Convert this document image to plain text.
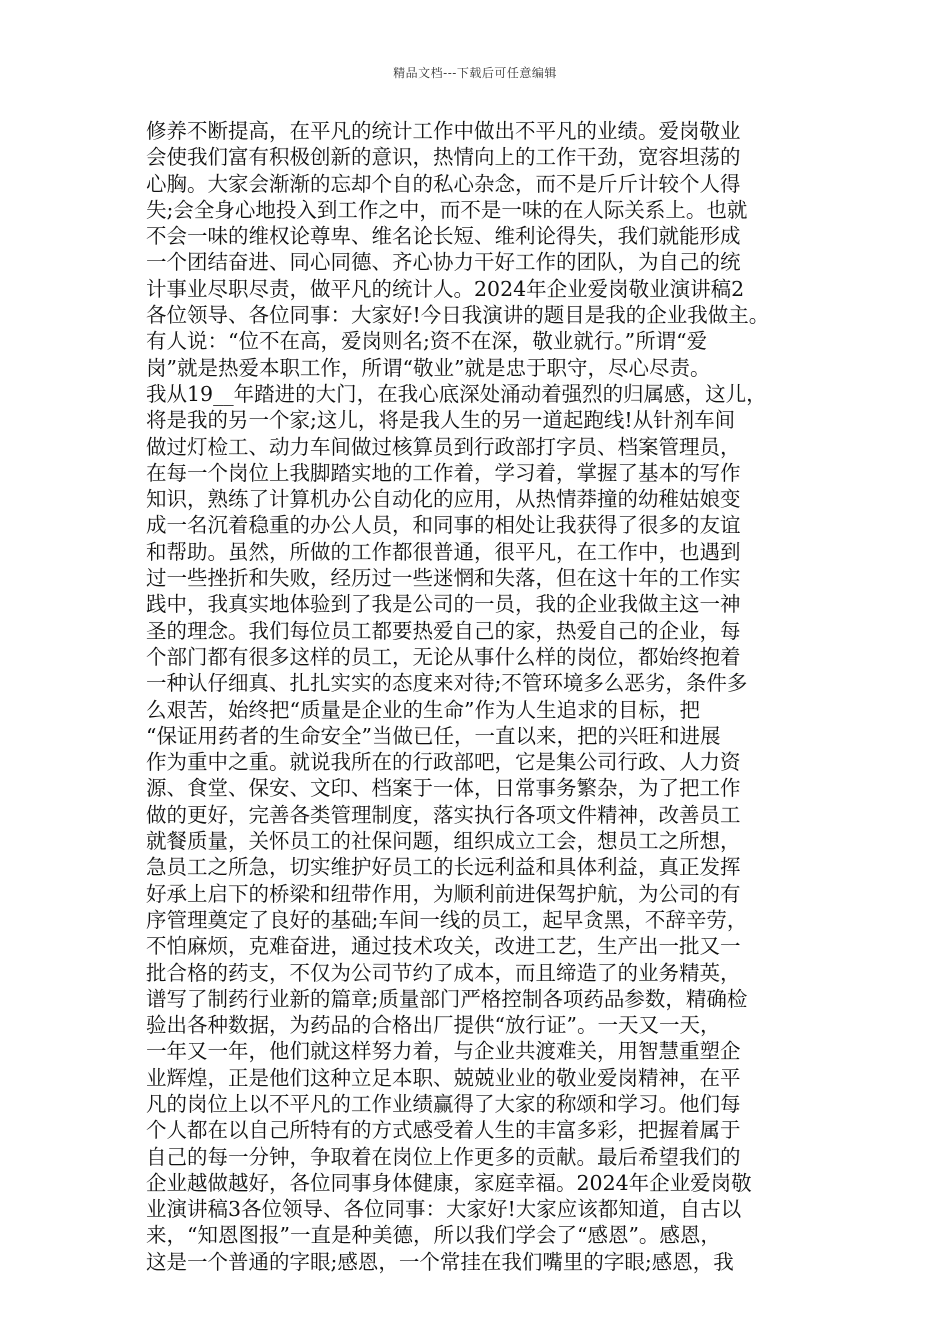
精品文档---下载后可任意编辑
修养不断提高，在平凡的统计工作中做出不平凡的业绩。爱岗敬业
会使我们富有积极创新的意识，热情向上的工作干劲，宽容坦荡的
心胸。大家会渐渐的忘却个自的私心杂念，而不是斤斤计较个人得
失;会全身心地投入到工作之中，而不是一味的在人际关系上。也就
不会一味的维权论尊卑、维名论长短、维利论得失，我们就能形成
一个团结奋进、同心同德、齐心协力干好工作的团队，为自己的统
计事业尽职尽责，做平凡的统计人。2024年企业爱岗敬业演讲稿2
各位领导、各位同事：大家好!今日我演讲的题目是我的企业我做主。
有人说：“位不在高，爱岗则名;资不在深，敬业就行。”所谓“爱
岗”就是热爱本职工作，所谓“敬业”就是忠于职守，尽心尽责。
我从19__年踏进的大门，在我心底深处涌动着强烈的归属感，这儿，
将是我的另一个家;这儿，将是我人生的另一道起跑线!从针剂车间
做过灯检工、动力车间做过核算员到行政部打字员、档案管理员，
在每一个岗位上我脚踏实地的工作着，学习着，掌握了基本的写作
知识，熟练了计算机办公自动化的应用，从热情莽撞的幼稚姑娘变
成一名沉着稳重的办公人员，和同事的相处让我获得了很多的友谊
和帮助。虽然，所做的工作都很普通，很平凡，在工作中，也遇到
过一些挫折和失败，经历过一些迷惘和失落，但在这十年的工作实
践中，我真实地体验到了我是公司的一员，我的企业我做主这一神
圣的理念。我们每位员工都要热爱自己的家，热爱自己的企业，每
个部门都有很多这样的员工，无论从事什么样的岗位，都始终抱着
一种认仔细真、扎扎实实的态度来对待;不管环境多么恶劣，条件多
么艰苦，始终把“质量是企业的生命”作为人生追求的目标，把
“保证用药者的生命安全”当做已任，一直以来，把的兴旺和进展
作为重中之重。就说我所在的行政部吧，它是集公司行政、人力资
源、食堂、保安、文印、档案于一体，日常事务繁杂，为了把工作
做的更好，完善各类管理制度，落实执行各项文件精神，改善员工
就餐质量，关怀员工的社保问题，组织成立工会，想员工之所想，
急员工之所急，切实维护好员工的长远利益和具体利益，真正发挥
好承上启下的桥梁和纽带作用，为顺利前进保驾护航，为公司的有
序管理奠定了良好的基础;车间一线的员工，起早贪黑，不辞辛劳，
不怕麻烦，克难奋进，通过技术攻关，改进工艺，生产出一批又一
批合格的药支，不仅为公司节约了成本，而且缔造了的业务精英，
谱写了制药行业新的篇章;质量部门严格控制各项药品参数，精确检
验出各种数据，为药品的合格出厂提供“放行证”。一天又一天，
一年又一年，他们就这样努力着，与企业共渡难关，用智慧重塑企
业辉煌，正是他们这种立足本职、兢兢业业的敬业爱岗精神，在平
凡的岗位上以不平凡的工作业绩赢得了大家的称颂和学习。他们每
个人都在以自己所特有的方式感受着人生的丰富多彩，把握着属于
自己的每一分钟，争取着在岗位上作更多的贡献。最后希望我们的
企业越做越好，各位同事身体健康，家庭幸福。2024年企业爱岗敬
业演讲稿3各位领导、各位同事：大家好!大家应该都知道，自古以
来，“知恩图报”一直是种美德，所以我们学会了“感恩”。感恩，
这是一个普通的字眼;感恩，一个常挂在我们嘴里的字眼;感恩，我
